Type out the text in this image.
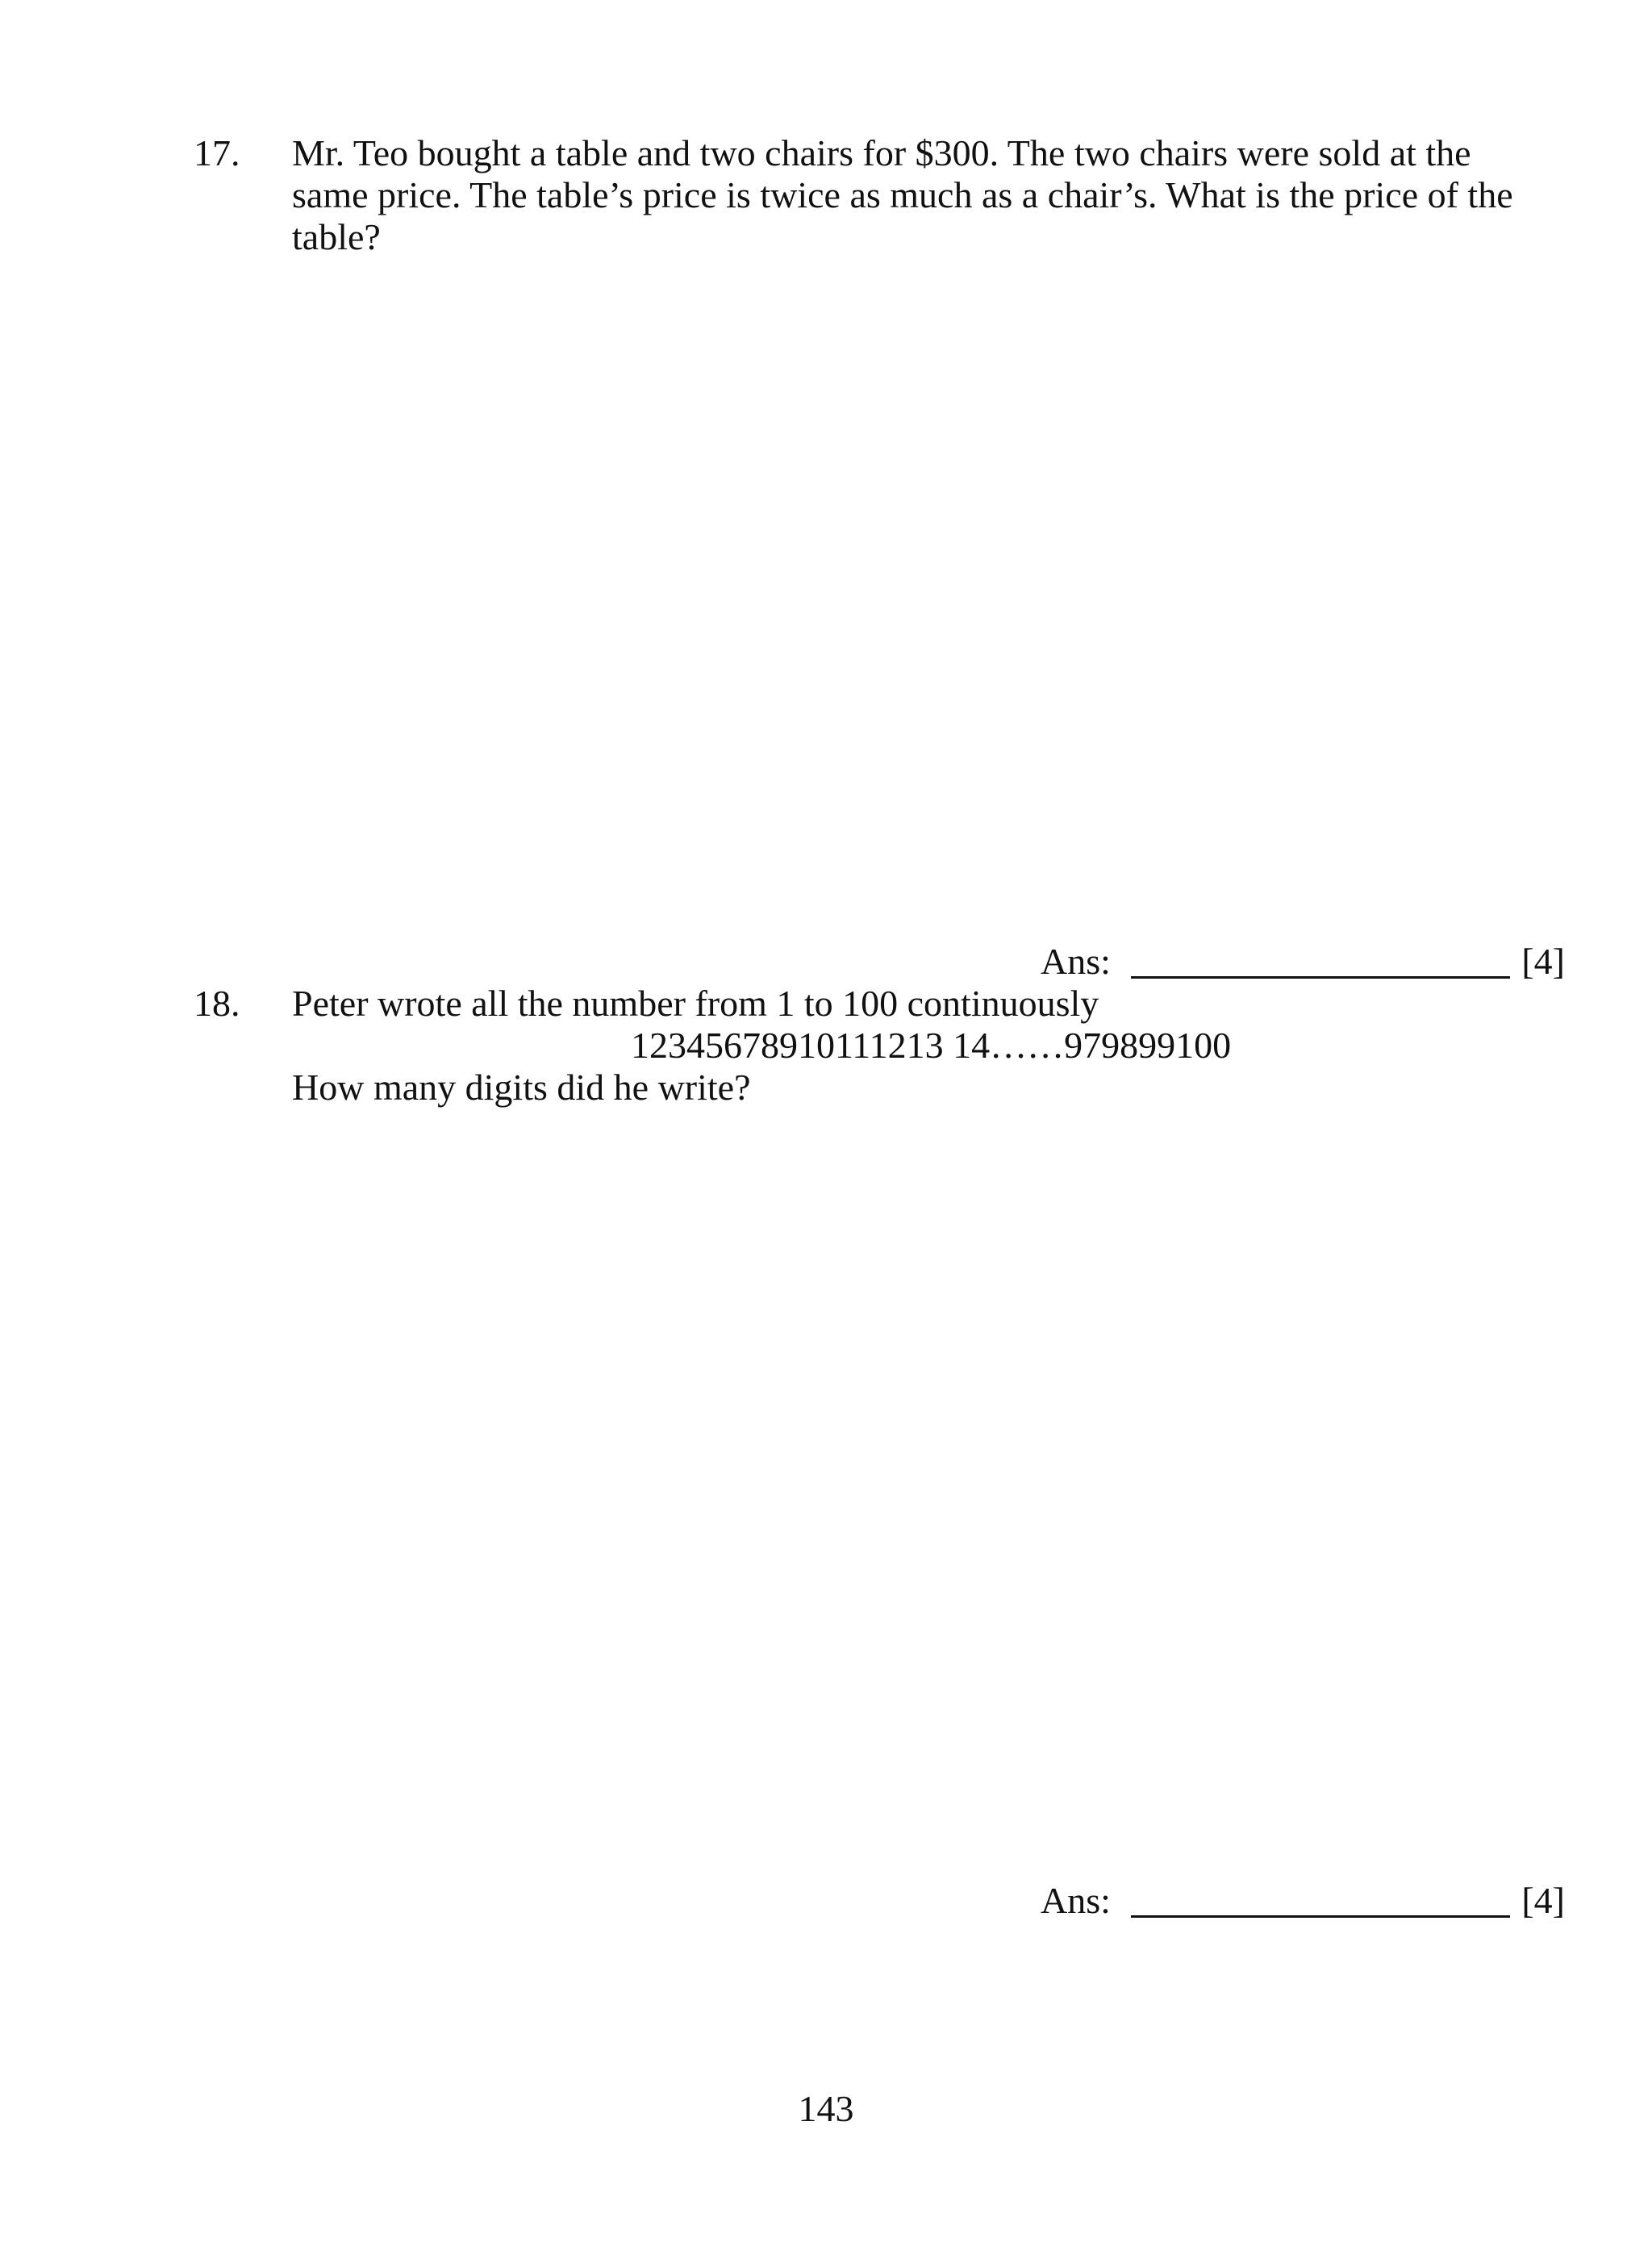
17. Mr. Teo bought a table and two chairs for $300. The two chairs were sold at the
same price. The table’s price is twice as much as a chair’s. What is the price of the
table?
Ans:	[4]
18. Peter wrote all the number from 1 to 100 continuously
12345678910111213 14……979899100
How many digits did he write?
Ans:	[4]
143
